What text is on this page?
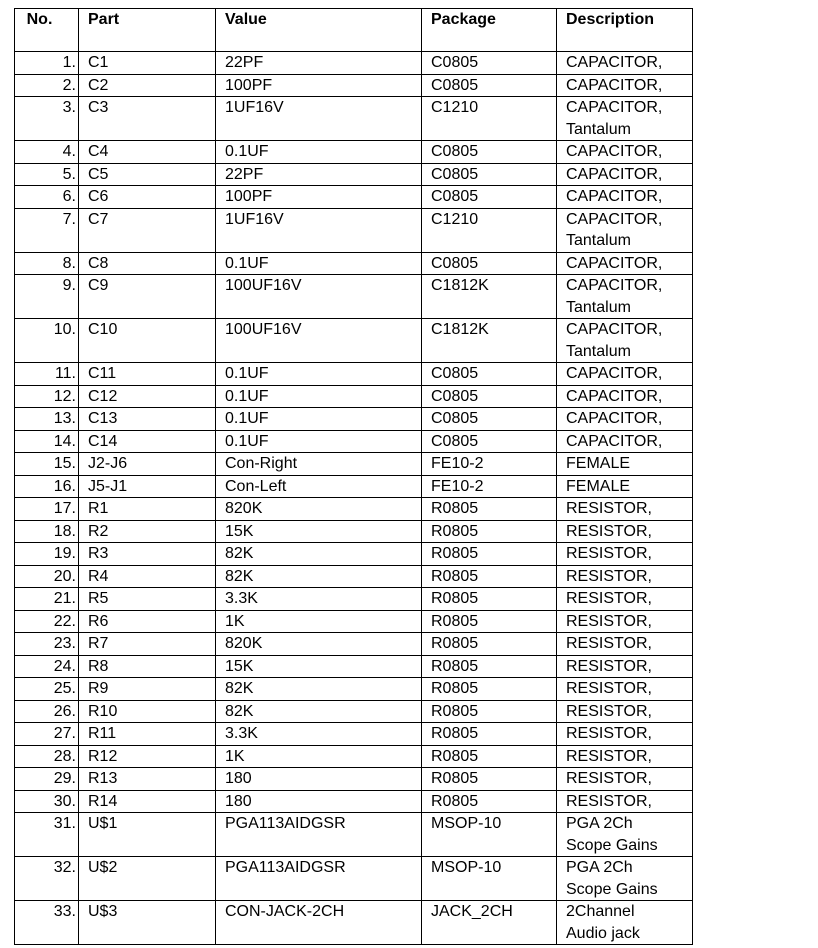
No.	Part	Value	Package	Description
1.	C1	22PF	C0805	CAPACITOR,

2.	C2	100PF	C0805	CAPACITOR,

3.	C3	1UF16V	C1210	CAPACITOR,
Tantalum

4.	C4	0.1UF	C0805	CAPACITOR,

5.	C5	22PF	C0805	CAPACITOR,

6.	C6	100PF	C0805	CAPACITOR,

7.	C7	1UF16V	C1210	CAPACITOR,
Tantalum

8.	C8	0.1UF	C0805	CAPACITOR,

9.	C9	100UF16V	C1812K	CAPACITOR,
Tantalum

10.	C10	100UF16V	C1812K	CAPACITOR,
Tantalum

11.	C11	0.1UF	C0805	CAPACITOR,

12.	C12	0.1UF	C0805	CAPACITOR,

13.	C13	0.1UF	C0805	CAPACITOR,

14.	C14	0.1UF	C0805	CAPACITOR,

15.	J2-J6	Con-Right	FE10-2	FEMALE

16.	J5-J1	Con-Left	FE10-2	FEMALE

17.	R1	820K	R0805	RESISTOR,

18.	R2	15K	R0805	RESISTOR,

19.	R3	82K	R0805	RESISTOR,

20.	R4	82K	R0805	RESISTOR,

21.	R5	3.3K	R0805	RESISTOR,

22.	R6	1K	R0805	RESISTOR,

23.	R7	820K	R0805	RESISTOR,

24.	R8	15K	R0805	RESISTOR,

25.	R9	82K	R0805	RESISTOR,

26.	R10	82K	R0805	RESISTOR,

27.	R11	3.3K	R0805	RESISTOR,

28.	R12	1K	R0805	RESISTOR,

29.	R13	180	R0805	RESISTOR,

30.	R14	180	R0805	RESISTOR,

31.	U$1	PGA113AIDGSR	MSOP-10	PGA 2Ch
Scope Gains

32.	U$2	PGA113AIDGSR	MSOP-10	PGA 2Ch
Scope Gains

33.	U$3	CON-JACK-2CH	JACK_2CH	2Channel
Audio jack
